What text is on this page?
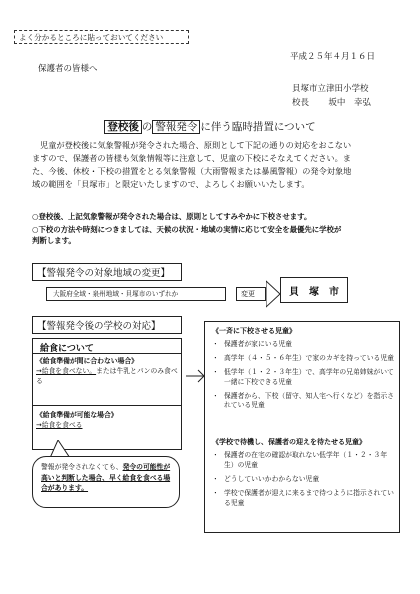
よく分かるところに貼っておいてください
平成２５年４月１６日
保護者の皆様へ
貝塚市立津田小学校
校長 坂中　幸弘
登校後 の 警報発令 に伴う臨時措置について
児童が登校後に気象警報が発令された場合、原則として下記の通りの対応をおこない
ますので、保護者の皆様も気象情報等に注意して、児童の下校にそなえてください。ま
た、今後、休校・下校の措置をとる気象警報（大雨警報または暴風警報）の発令対象地
域の範囲を「貝塚市」と限定いたしますので、よろしくお願いいたします。
○登校後、上記気象警報が発令された場合は、原則としてすみやかに下校させます。
○下校の方法や時刻につきましては、天候の状況・地域の実情に応じて安全を最優先に学校が
判断します。
【警報発令の対象地域の変更】
大阪府全域・泉州地域・貝塚市のいずれか	変更	貝　塚　市
【警報発令後の学校の対応】
給食について
《給食準備が間に合わない場合》
→給食を食べない。または牛乳とパンのみ食べる
《給食準備が可能な場合》
→給食を食べる
警報が発令されなくても、発令の可能性が高いと判断した場合、早く給食を食べる場合があります。
《一斉に下校させる児童》
・ 保護者が家にいる児童
・ 高学年（４・５・６年生）で家のカギを持っている児童
・ 低学年（１・２・３年生）で、高学年の兄弟姉妹がいて一緒に下校できる児童
・ 保護者から、下校（留守、知人宅へ行くなど）を指示されている児童
《学校で待機し、保護者の迎えを待たせる児童》
・ 保護者の在宅の確認が取れない低学年（１・２・３年生）の児童
・ どうしていいかわからない児童
・ 学校で保護者が迎えに来るまで待つように指示されている児童
